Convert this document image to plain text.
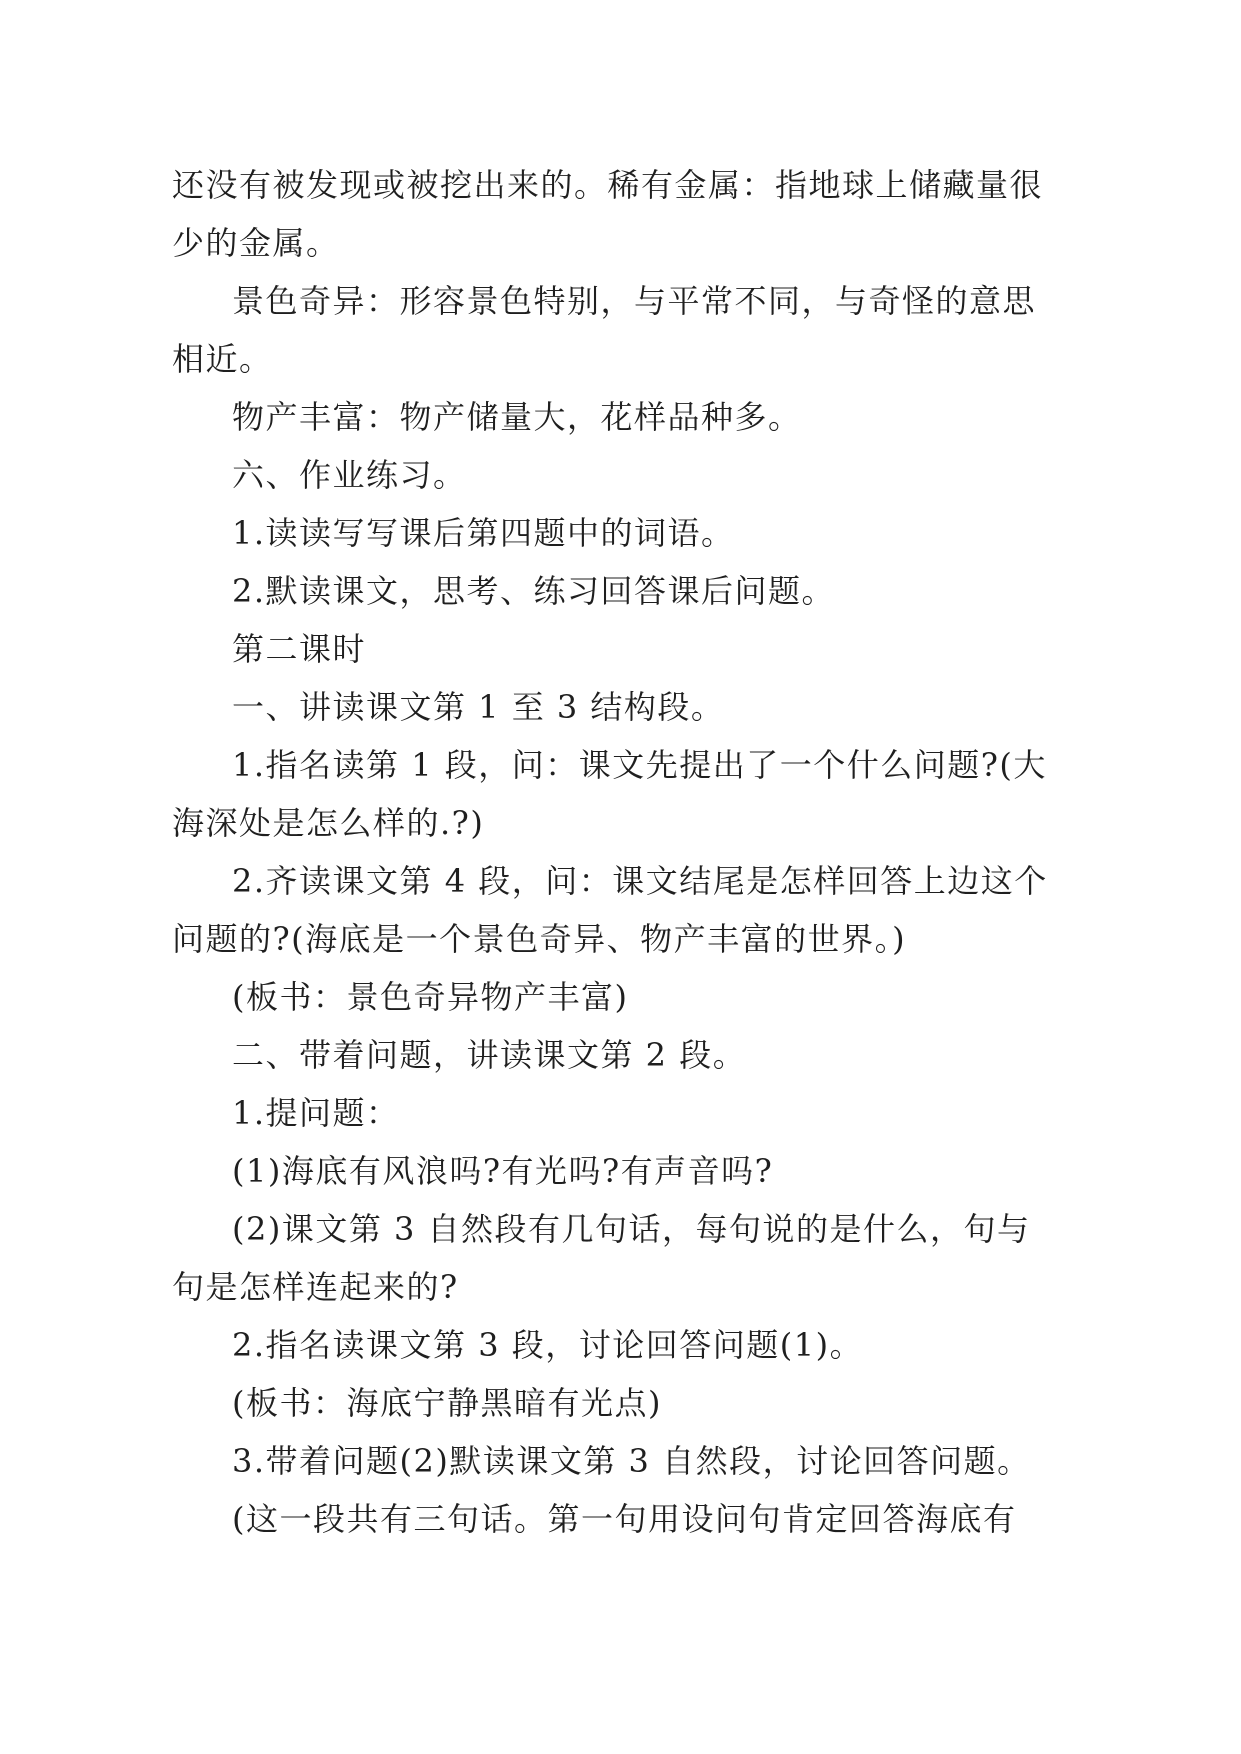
还没有被发现或被挖出来的。稀有金属：指地球上储藏量很
少的金属。
景色奇异：形容景色特别，与平常不同，与奇怪的意思
相近。
物产丰富：物产储量大，花样品种多。
六、作业练习。
1.读读写写课后第四题中的词语。
2.默读课文，思考、练习回答课后问题。
第二课时
一、讲读课文第 1 至 3 结构段。
1.指名读第 1 段，问：课文先提出了一个什么问题?(大
海深处是怎么样的.?)
2.齐读课文第 4 段，问：课文结尾是怎样回答上边这个
问题的?(海底是一个景色奇异、物产丰富的世界。)
(板书：景色奇异物产丰富)
二、带着问题，讲读课文第 2 段。
1.提问题：
(1)海底有风浪吗?有光吗?有声音吗?
(2)课文第 3 自然段有几句话，每句说的是什么，句与
句是怎样连起来的?
2.指名读课文第 3 段，讨论回答问题(1)。
(板书：海底宁静黑暗有光点)
3.带着问题(2)默读课文第 3 自然段，讨论回答问题。
(这一段共有三句话。第一句用设问句肯定回答海底有
